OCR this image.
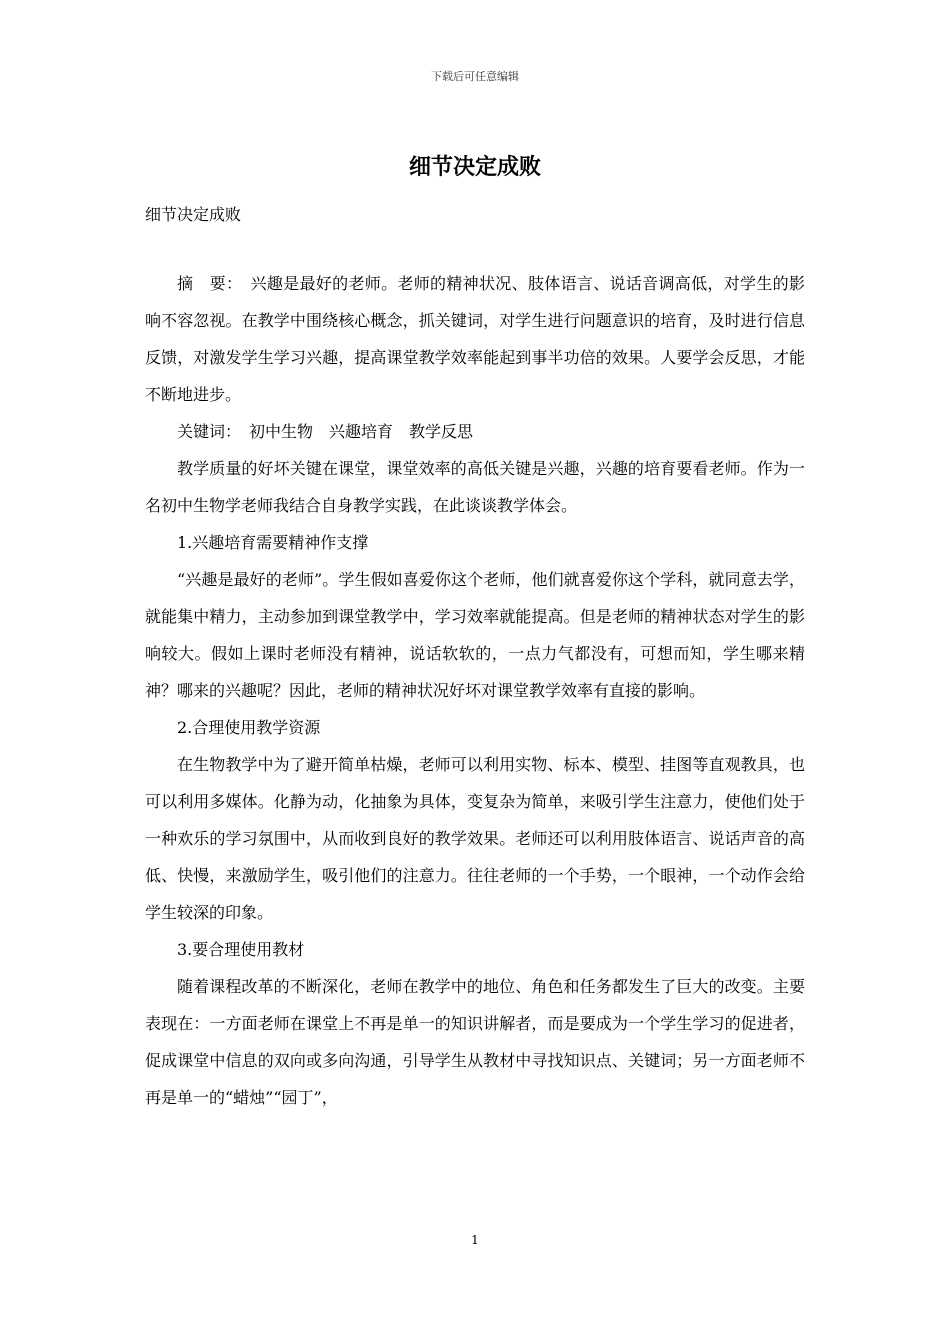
下载后可任意编辑
细节决定成败

细节决定成败

摘　要：　兴趣是最好的老师。老师的精神状况、肢体语言、说话音调高低，对学生的影响不容忽视。在教学中围绕核心概念，抓关键词，对学生进行问题意识的培育，及时进行信息反馈，对激发学生学习兴趣，提高课堂教学效率能起到事半功倍的效果。人要学会反思，才能不断地进步。

关键词：　初中生物　兴趣培育　教学反思

教学质量的好坏关键在课堂，课堂效率的高低关键是兴趣，兴趣的培育要看老师。作为一名初中生物学老师我结合自身教学实践，在此谈谈教学体会。

1.兴趣培育需要精神作支撑

“兴趣是最好的老师”。学生假如喜爱你这个老师，他们就喜爱你这个学科，就同意去学，就能集中精力，主动参加到课堂教学中，学习效率就能提高。但是老师的精神状态对学生的影响较大。假如上课时老师没有精神，说话软软的，一点力气都没有，可想而知，学生哪来精神？哪来的兴趣呢？因此，老师的精神状况好坏对课堂教学效率有直接的影响。

2.合理使用教学资源

在生物教学中为了避开简单枯燥，老师可以利用实物、标本、模型、挂图等直观教具，也可以利用多媒体。化静为动，化抽象为具体，变复杂为简单，来吸引学生注意力，使他们处于一种欢乐的学习氛围中，从而收到良好的教学效果。老师还可以利用肢体语言、说话声音的高低、快慢，来激励学生，吸引他们的注意力。往往老师的一个手势，一个眼神，一个动作会给学生较深的印象。

3.要合理使用教材

随着课程改革的不断深化，老师在教学中的地位、角色和任务都发生了巨大的改变。主要表现在：一方面老师在课堂上不再是单一的知识讲解者，而是要成为一个学生学习的促进者，促成课堂中信息的双向或多向沟通，引导学生从教材中寻找知识点、关键词；另一方面老师不再是单一的“蜡烛”“园丁”，

1
